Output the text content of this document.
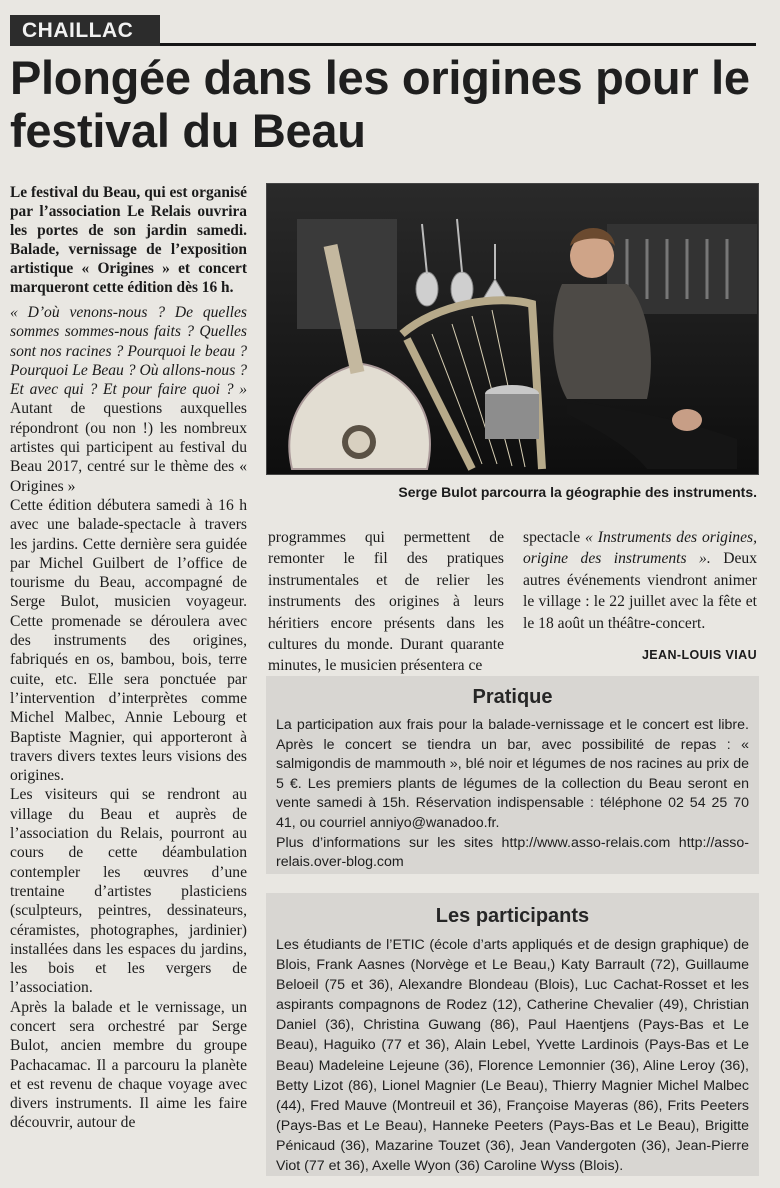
CHAILLAC
Plongée dans les origines pour le festival du Beau

Le festival du Beau, qui est organisé par l’association Le Relais ouvrira les portes de son jardin samedi. Balade, vernissage de l’exposition artistique « Origines » et concert marqueront cette édition dès 16 h.

« D’où venons-nous ? De quelles sommes sommes-nous faits ? Quelles sont nos racines ? Pourquoi le beau ? Pourquoi Le Beau ? Où allons-nous ? Et avec qui ? Et pour faire quoi ? » Autant de questions auxquelles répondront (ou non !) les nombreux artistes qui participent au festival du Beau 2017, centré sur le thème des « Origines »

Cette édition débutera samedi à 16 h avec une balade-spectacle à travers les jardins. Cette dernière sera guidée par Michel Guilbert de l’office de tourisme du Beau, accompagné de Serge Bulot, musicien voyageur. Cette promenade se déroulera avec des instruments des origines, fabriqués en os, bambou, bois, terre cuite, etc. Elle sera ponctuée par l’intervention d’interprètes comme Michel Malbec, Annie Lebourg et Baptiste Magnier, qui apporteront à travers divers textes leurs visions des origines.

Les visiteurs qui se rendront au village du Beau et auprès de l’association du Relais, pourront au cours de cette déambulation contempler les œuvres d’une trentaine d’artistes plasticiens (sculpteurs, peintres, dessinateurs, céramistes, photographes, jardinier) installées dans les espaces du jardins, les bois et les vergers de l’association.

Après la balade et le vernissage, un concert sera orchestré par Serge Bulot, ancien membre du groupe Pachacamac. Il a parcouru la planète et est revenu de chaque voyage avec divers instruments. Il aime les faire découvrir, autour de

Serge Bulot parcourra la géographie des instruments.

programmes qui permettent de remonter le fil des pratiques instrumentales et de relier les instruments des origines à leurs héritiers encore présents dans les cultures du monde. Durant quarante minutes, le musicien présentera ce

spectacle « Instruments des origines, origine des instruments ». Deux autres événements viendront animer le village : le 22 juillet avec la fête et le 18 août un théâtre-concert.

JEAN-LOUIS VIAU

Pratique

La participation aux frais pour la balade-vernissage et le concert est libre. Après le concert se tiendra un bar, avec possibilité de repas : « salmigondis de mammouth », blé noir et légumes de nos racines au prix de 5 €. Les premiers plants de légumes de la collection du Beau seront en vente samedi à 15h. Réservation indispensable : téléphone 02 54 25 70 41, ou courriel anniyo@wanadoo.fr.

Plus d’informations sur les sites http://www.asso-relais.com http://asso-relais.over-blog.com

Les participants

Les étudiants de l’ETIC (école d’arts appliqués et de design graphique) de Blois, Frank Aasnes (Norvège et Le Beau,) Katy Barrault (72), Guillaume Beloeil (75 et 36), Alexandre Blondeau (Blois), Luc Cachat-Rosset et les aspirants compagnons de Rodez (12), Catherine Chevalier (49), Christian Daniel (36), Christina Guwang (86), Paul Haentjens (Pays-Bas et Le Beau), Haguiko (77 et 36), Alain Lebel, Yvette Lardinois (Pays-Bas et Le Beau) Madeleine Lejeune (36), Florence Lemonnier (36), Aline Leroy (36), Betty Lizot (86), Lionel Magnier (Le Beau), Thierry Magnier Michel Malbec (44), Fred Mauve (Montreuil et 36), Françoise Mayeras (86), Frits Peeters (Pays-Bas et Le Beau), Hanneke Peeters (Pays-Bas et Le Beau), Brigitte Pénicaud (36), Mazarine Touzet (36), Jean Vandergoten (36), Jean-Pierre Viot (77 et 36), Axelle Wyon (36) Caroline Wyss (Blois).
